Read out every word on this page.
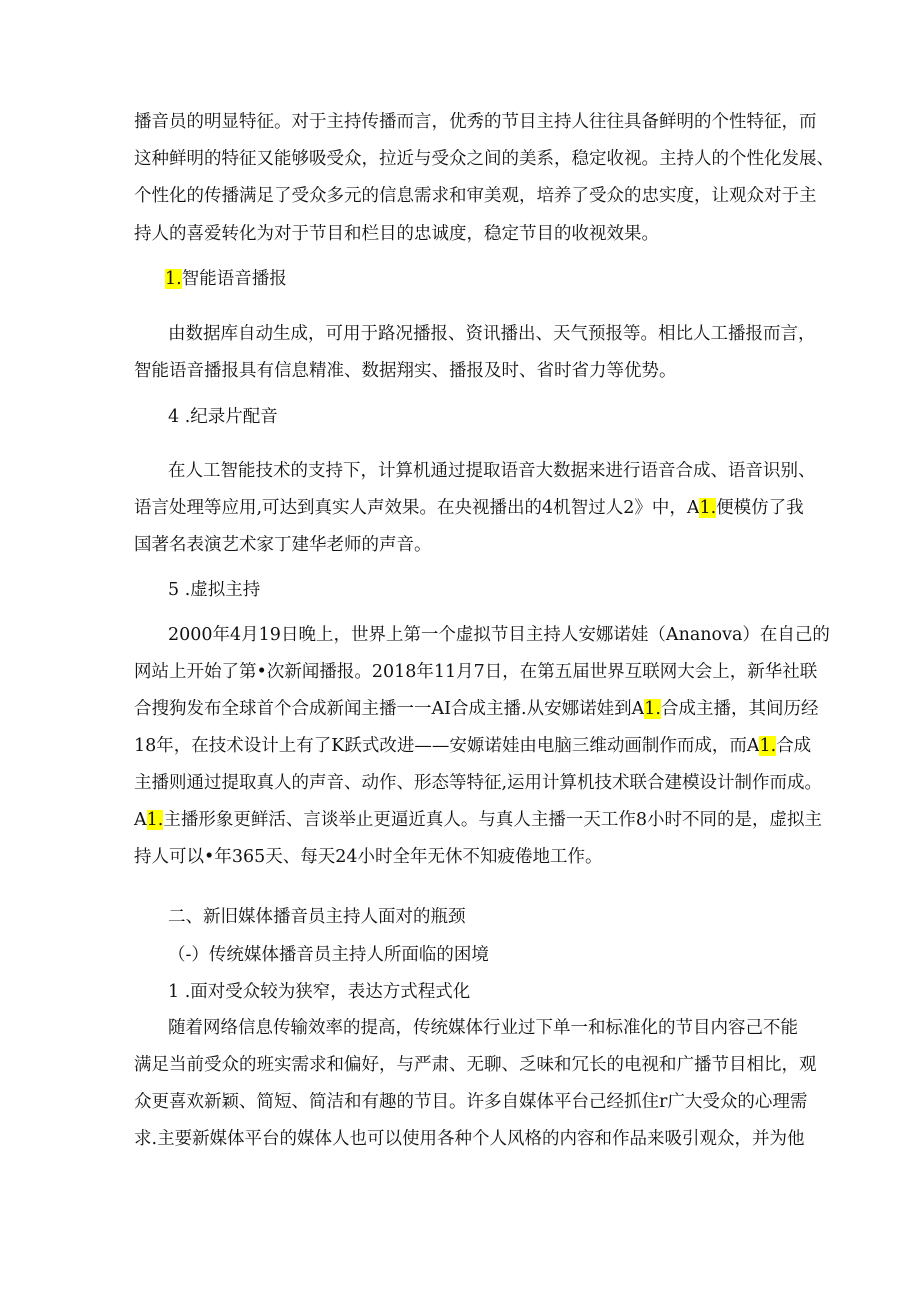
播音员的明显特征。对于主持传播而言，优秀的节目主持人往往具备鲜明的个性特征，而
这种鲜明的特征又能够吸受众，拉近与受众之间的美系，稳定收视。主持人的个性化发展、
个性化的传播满足了受众多元的信息需求和审美观，培养了受众的忠实度，让观众对于主
持人的喜爱转化为对于节目和栏目的忠诚度，稳定节目的收视效果。
1.智能语音播报
由数据库自动生成，可用于路况播报、资讯播出、天气预报等。相比人工播报而言，
智能语音播报具有信息精准、数据翔实、播报及时、省时省力等优势。
4 .纪录片配音
在人工智能技术的支持下，计算机通过提取语音大数据来进行语音合成、语音识别、
语言处理等应用,可达到真实人声效果。在央视播出的4机智过人2》中，A1.便模仿了我
国著名表演艺术家丁建华老师的声音。
5 .虚拟主持
2000年4月19日晚上，世界上第一个虚拟节目主持人安娜诺娃（Ananova）在自己的
网站上开始了第•次新闻播报。2018年11月7日，在第五届世界互联网大会上，新华社联
合搜狗发布全球首个合成新闻主播一一AI合成主播.从安娜诺娃到A1.合成主播，其间历经
18年，在技术设计上有了K跃式改进——安嫄诺娃由电脑三维动画制作而成，而A1.合成
主播则通过提取真人的声音、动作、形态等特征,运用计算机技术联合建模设计制作而成。
A1.主播形象更鲜活、言谈举止更逼近真人。与真人主播一天工作8小时不同的是，虚拟主
持人可以•年365天、每天24小时全年无休不知疲倦地工作。
二、新旧媒体播音员主持人面对的瓶颈
（-）传统媒体播音员主持人所面临的困境
1 .面对受众较为狭窄，表达方式程式化
随着网络信息传输效率的提高，传统媒体行业过下单一和标准化的节目内容己不能
满足当前受众的班实需求和偏好，与严肃、无聊、乏味和冗长的电视和广播节目相比，观
众更喜欢新颖、简短、简洁和有趣的节目。许多自媒体平台己经抓住r广大受众的心理需
求.主要新媒体平台的媒体人也可以使用各种个人风格的内容和作品来吸引观众，并为他
